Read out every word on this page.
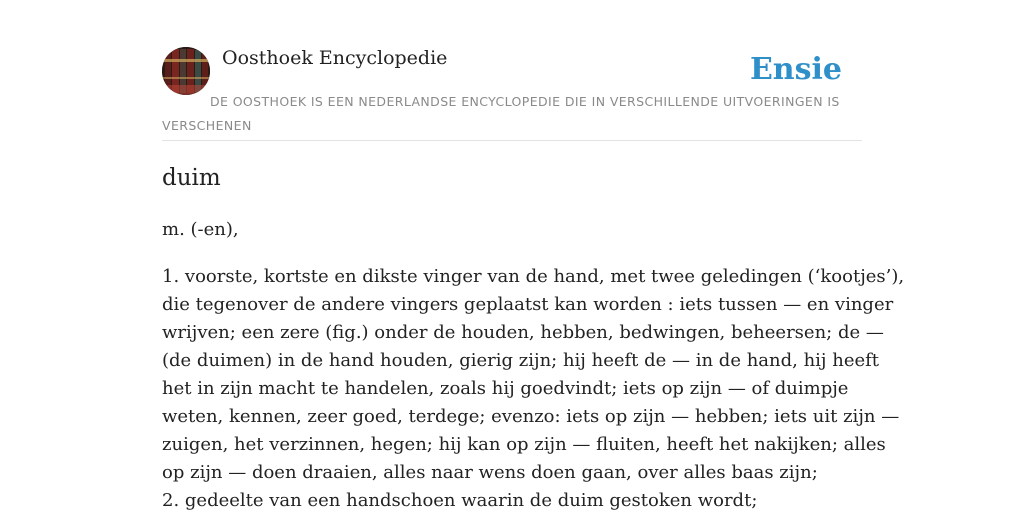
Oosthoek Encyclopedie	Ensie
DE OOSTHOEK IS EEN NEDERLANDSE ENCYCLOPEDIE DIE IN VERSCHILLENDE UITVOERINGEN IS VERSCHENEN
duim
m. (-en),
1. voorste, kortste en dikste vinger van de hand, met twee geledingen (‘kootjes’),
die tegenover de andere vingers geplaatst kan worden : iets tussen — en vinger
wrijven; een zere (fig.) onder de houden, hebben, bedwingen, beheersen; de —
(de duimen) in de hand houden, gierig zijn; hij heeft de — in de hand, hij heeft
het in zijn macht te handelen, zoals hij goedvindt; iets op zijn — of duimpje
weten, kennen, zeer goed, terdege; evenzo: iets op zijn — hebben; iets uit zijn —
zuigen, het verzinnen, hegen; hij kan op zijn — fluiten, heeft het nakijken; alles
op zijn — doen draaien, alles naar wens doen gaan, over alles baas zijn;
2. gedeelte van een handschoen waarin de duim gestoken wordt;
